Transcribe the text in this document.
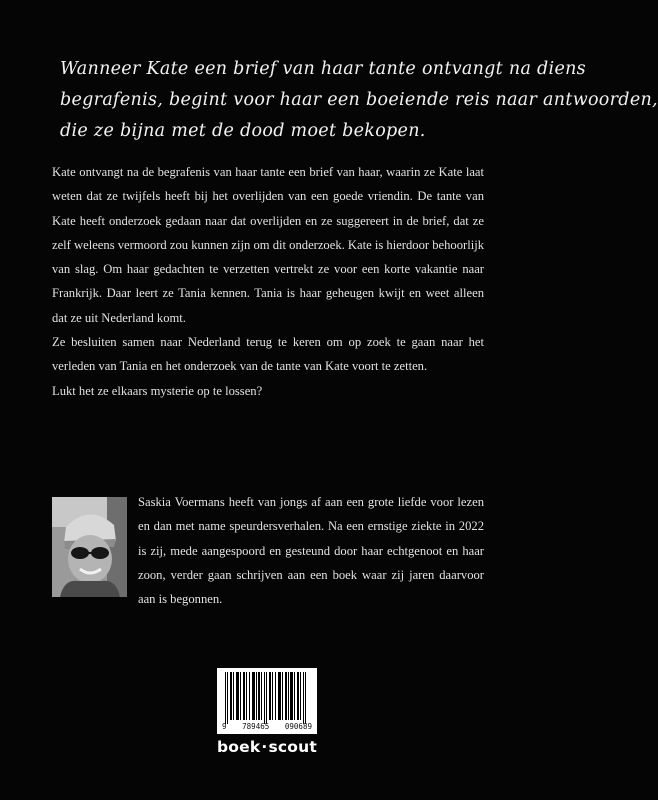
Wanneer Kate een brief van haar tante ontvangt na diens
begrafenis, begint voor haar een boeiende reis naar antwoorden,
die ze bijna met de dood moet bekopen.

Kate ontvangt na de begrafenis van haar tante een brief van haar, waarin ze Kate laat weten dat ze twijfels heeft bij het overlijden van een goede vriendin. De tante van Kate heeft onderzoek gedaan naar dat overlijden en ze suggereert in de brief, dat ze zelf weleens vermoord zou kunnen zijn om dit onderzoek. Kate is hierdoor behoorlijk van slag. Om haar gedachten te verzetten vertrekt ze voor een korte vakantie naar Frankrijk. Daar leert ze Tania kennen. Tania is haar geheugen kwijt en weet alleen dat ze uit Nederland komt.

Ze besluiten samen naar Nederland terug te keren om op zoek te gaan naar het verleden van Tania en het onderzoek van de tante van Kate voort te zetten.

Lukt het ze elkaars mysterie op te lossen?

Saskia Voermans heeft van jongs af aan een grote liefde voor lezen en dan met name speurdersverhalen. Na een ernstige ziekte in 2022 is zij, mede aangespoord en gesteund door haar echtgenoot en haar zoon, verder gaan schrijven aan een boek waar zij jaren daarvoor aan is begonnen.
9 789465 090689
boek·scout
